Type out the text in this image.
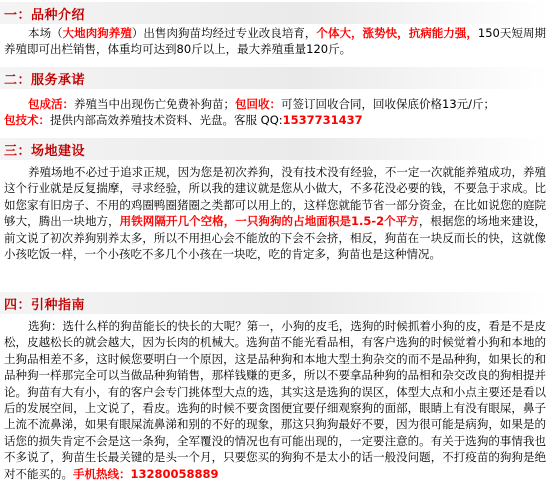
一：品种介绍
本场（大地肉狗养殖）出售肉狗苗均经过专业改良培育，个体大，涨势快，抗病能力强，150天短周期养殖即可出栏销售，体重均可达到80斤以上，最大养殖重量120斤。
二：服务承诺
包成活：养殖当中出现伤亡免费补狗苗；包回收：可签订回收合同，回收保底价格13元/斤；
包技术：提供内部高效养殖技术资料、光盘。客服 QQ:1537731437
三：场地建设
养殖场地不必过于追求正规，因为您是初次养狗，没有技术没有经验，不一定一次就能养殖成功，养殖这个行业就是反复揣摩，寻求经验，所以我的建议就是您从小做大，不多花没必要的钱，不要急于求成。比如您家有旧房子、不用的鸡圈鸭圈猪圈之类都可以用上的，这样您就能节省一部分资金，在比如说您的庭院够大，腾出一块地方，用铁网隔开几个空格，一只狗狗的占地面积是1.5-2个平方，根据您的场地来建设，前文说了初次养狗别养太多，所以不用担心会不能放的下会不会挤，相反，狗苗在一块反而长的快，这就像小孩吃饭一样，一个小孩吃不多几个小孩在一块吃，吃的肯定多，狗苗也是这种情况。
四：引种指南
选狗：选什么样的狗苗能长的快长的大呢？第一，小狗的皮毛，选狗的时候抓着小狗的皮，看是不是皮松，皮越松长的就会越大，因为长肉的机械大。选狗苗不能光看品相，有客户选狗的时候觉着小狗和本地的土狗品相差不多，这时候您要明白一个原因，这是品种狗和本地大型土狗杂交的而不是品种狗，如果长的和品种狗一样那完全可以当做品种狗销售，那样钱赚的更多，所以不要拿品种狗的品相和杂交改良的狗相提并论。狗苗有大有小，有的客户会专门挑体型大点的选，其实这是选狗的误区，体型大点和小点主要还是看以后的发展空间，上文说了，看皮。选狗的时候不要贪图便宜要仔细观察狗的面部，眼睛上有没有眼屎，鼻子上流不流鼻涕，如果有眼屎流鼻涕和别的不好的现象，那这只狗狗最好不要，因为很可能是病狗，如果是的话您的损失肯定不会是这一条狗，全军覆没的情况也有可能出现的，一定要注意的。有关于选狗的事情我也不多说了，狗苗生长最关键的是头一个月，只要您买的狗狗不是太小的话一般没问题，不打疫苗的狗狗是绝对不能买的。手机热线：13280058889
